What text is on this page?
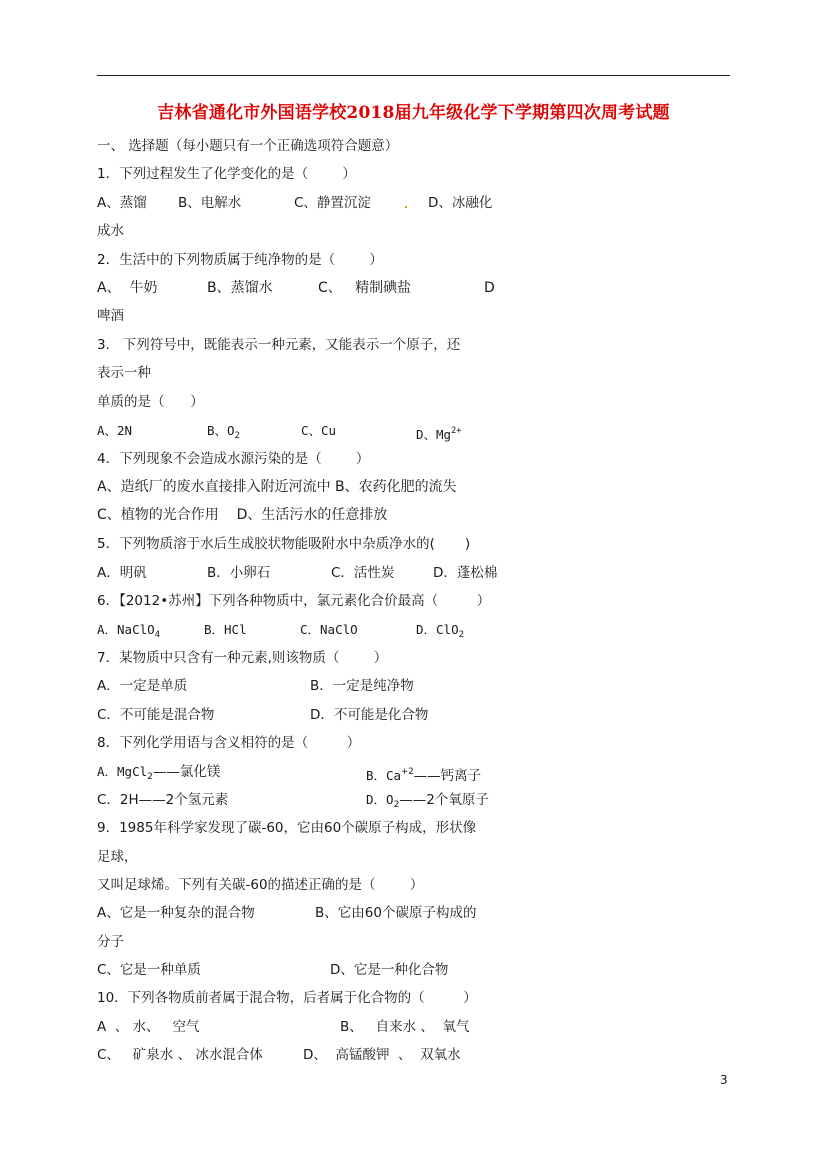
吉林省通化市外国语学校2018届九年级化学下学期第四次周考试题
一、 选择题（每小题只有一个正确选项符合题意）
1．下列过程发生了化学变化的是（        ）
A、蒸馏 B、电解水	C、静置沉淀	D、冰融化
成水
2．生活中的下列物质属于纯净物的是（        ）
A、  牛奶	B、蒸馏水	C、   精制碘盐	D
啤酒
3.   下列符号中，既能表示一种元素，又能表示一个原子，还
表示一种
单质的是（      ）
A、2N	B、$O_2$	C、Cu	D、$Mg^{2+}$
4．下列现象不会造成水源污染的是（        ）
A、造纸厂的废水直接排入附近河流中 B、农药化肥的流失
C、植物的光合作用    D、生活污水的任意排放
5．下列物质溶于水后生成胶状物能吸附水中杂质净水的(       )
A．明矾	B．小卵石	C．活性炭	D．蓬松棉
6．【2012•苏州】下列各种物质中，氯元素化合价最高（         ）
A．NaClO$_4$	B．HCl	C．NaClO	D．ClO$_2$
7．某物质中只含有一种元素,则该物质（        ）
A．一定是单质	B．一定是纯净物
C．不可能是混合物	D．不可能是化合物
8．下列化学用语与含义相符的是（         ）
A．MgCl$_2$——氯化镁	B．$Ca^{+2}——$钙离子
C．2H——2个氢元素	D．$O_2——2$个氧原子
9．1985年科学家发现了碳-60，它由60个碳原子构成，形状像
足球，
又叫足球烯。下列有关碳-60的描述正确的是（        ）
A、它是一种复杂的混合物	B、它由60个碳原子构成的
分子
C、它是一种单质	D、它是一种化合物
10．下列各物质前者属于混合物，后者属于化合物的（         ）
A  、 水、   空气	B、   自来水 、  氧气
C、   矿泉水 、 冰水混合体	D、  高锰酸钾  、  双氧水
3
